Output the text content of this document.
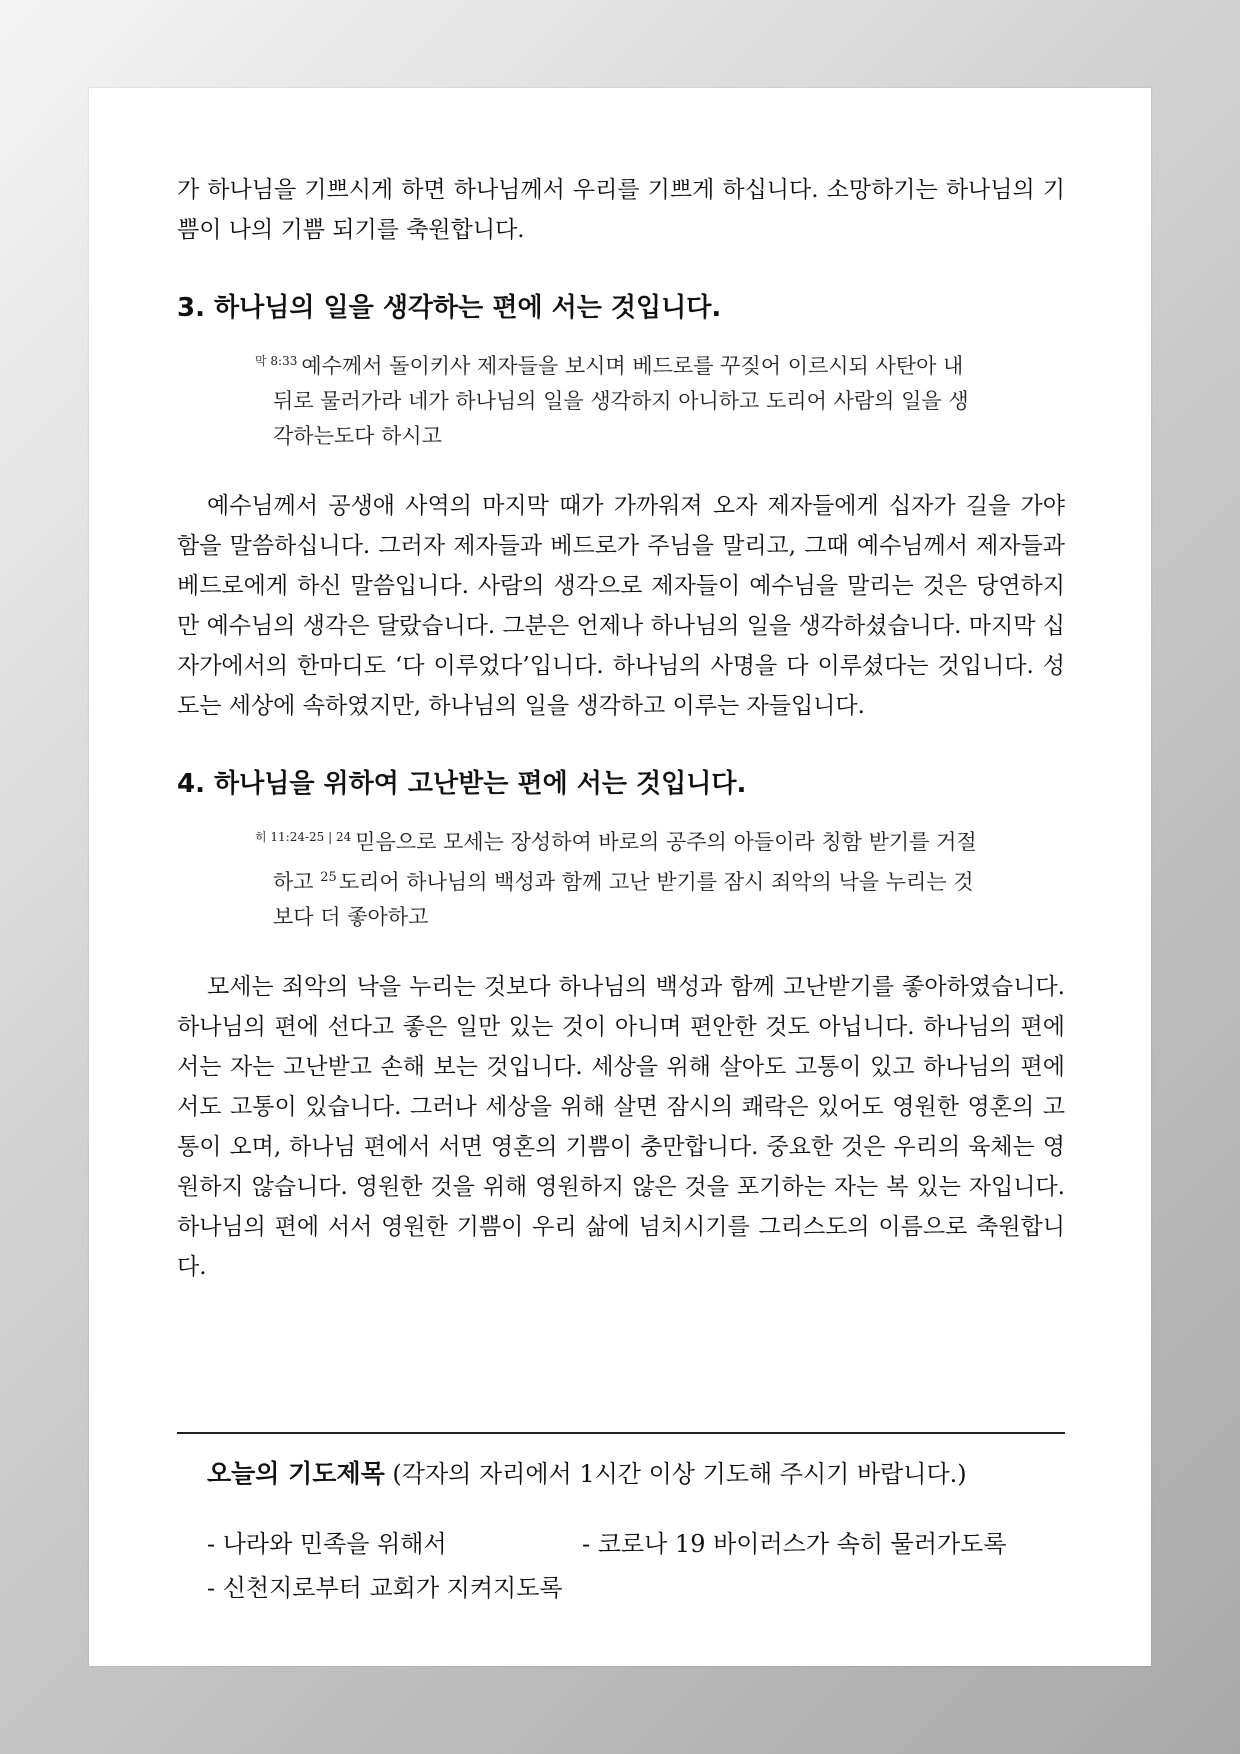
가 하나님을 기쁘시게 하면 하나님께서 우리를 기쁘게 하십니다. 소망하기는 하나님의 기쁨이 나의 기쁨 되기를 축원합니다.

3. 하나님의 일을 생각하는 편에 서는 것입니다.
$^{막 8:33}$ 예수께서 돌이키사 제자들을 보시며 베드로를 꾸짖어 이르시되 사탄아 내 뒤로 물러가라 네가 하나님의 일을 생각하지 아니하고 도리어 사람의 일을 생각하는도다 하시고

예수님께서 공생애 사역의 마지막 때가 가까워져 오자 제자들에게 십자가 길을 가야 함을 말씀하십니다. 그러자 제자들과 베드로가 주님을 말리고, 그때 예수님께서 제자들과 베드로에게 하신 말씀입니다. 사람의 생각으로 제자들이 예수님을 말리는 것은 당연하지만 예수님의 생각은 달랐습니다. 그분은 언제나 하나님의 일을 생각하셨습니다. 마지막 십자가에서의 한마디도 ‘다 이루었다’입니다. 하나님의 사명을 다 이루셨다는 것입니다. 성도는 세상에 속하였지만, 하나님의 일을 생각하고 이루는 자들입니다.

4. 하나님을 위하여 고난받는 편에 서는 것입니다.
$^{히 11:24-25 | 24}$ 믿음으로 모세는 장성하여 바로의 공주의 아들이라 칭함 받기를 거절하고 $^{25}$도리어 하나님의 백성과 함께 고난 받기를 잠시 죄악의 낙을 누리는 것보다 더 좋아하고

모세는 죄악의 낙을 누리는 것보다 하나님의 백성과 함께 고난받기를 좋아하였습니다. 하나님의 편에 선다고 좋은 일만 있는 것이 아니며 편안한 것도 아닙니다. 하나님의 편에 서는 자는 고난받고 손해 보는 것입니다. 세상을 위해 살아도 고통이 있고 하나님의 편에 서도 고통이 있습니다. 그러나 세상을 위해 살면 잠시의 쾌락은 있어도 영원한 영혼의 고통이 오며, 하나님 편에서 서면 영혼의 기쁨이 충만합니다. 중요한 것은 우리의 육체는 영원하지 않습니다. 영원한 것을 위해 영원하지 않은 것을 포기하는 자는 복 있는 자입니다. 하나님의 편에 서서 영원한 기쁨이 우리 삶에 넘치시기를 그리스도의 이름으로 축원합니다.

오늘의 기도제목 (각자의 자리에서 1시간 이상 기도해 주시기 바랍니다.)
- 나라와 민족을 위해서	- 코로나 19 바이러스가 속히 물러가도록
- 신천지로부터 교회가 지켜지도록
